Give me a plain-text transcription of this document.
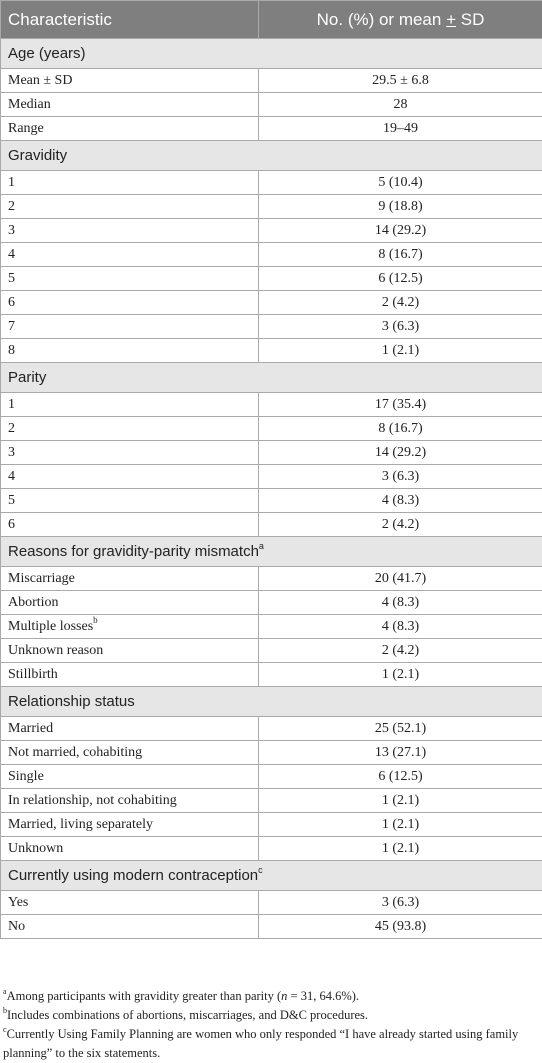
Characteristic	No. (%) or mean + SD
Age (years)	
Mean ± SD	29.5 ± 6.8
Median	28
Range	19–49
Gravidity	
1	5 (10.4)
2	9 (18.8)
3	14 (29.2)
4	8 (16.7)
5	6 (12.5)
6	2 (4.2)
7	3 (6.3)
8	1 (2.1)
Parity	
1	17 (35.4)
2	8 (16.7)
3	14 (29.2)
4	3 (6.3)
5	4 (8.3)
6	2 (4.2)
Reasons for gravidity-parity mismatch$^a$
Miscarriage	20 (41.7)
Abortion	4 (8.3)
Multiple losses$^b$	4 (8.3)
Unknown reason	2 (4.2)
Stillbirth	1 (2.1)
Relationship status	
Married	25 (52.1)
Not married, cohabiting	13 (27.1)
Single	6 (12.5)
In relationship, not cohabiting	1 (2.1)
Married, living separately	1 (2.1)
Unknown	1 (2.1)
Currently using modern contraception$^c$
Yes	3 (6.3)
No	45 (93.8)

$^a$Among participants with gravidity greater than parity (n = 31, 64.6%).

$^b$Includes combinations of abortions, miscarriages, and D&C procedures.

$^c$Currently Using Family Planning are women who only responded “I have already started using family planning” to the six statements.
